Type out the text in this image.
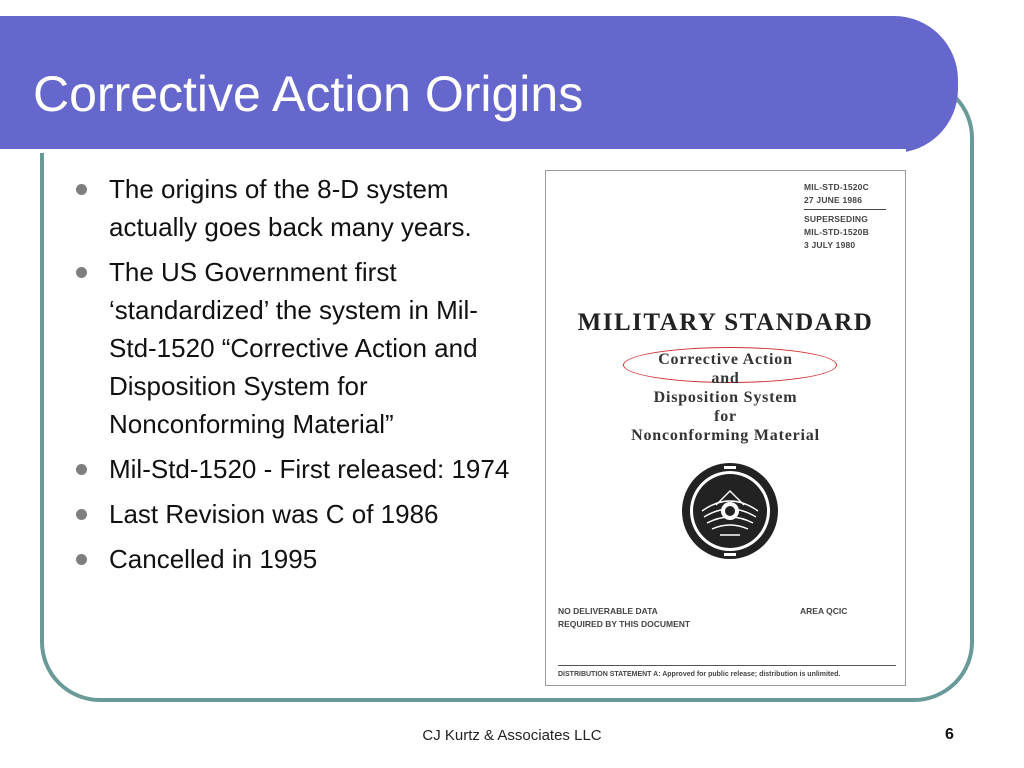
Corrective Action Origins
The origins of the 8-D system actually goes back many years.
The US Government first ‘standardized’ the system in Mil-Std-1520 “Corrective Action and Disposition System for Nonconforming Material”
Mil-Std-1520 - First released: 1974
Last Revision was C of 1986
Cancelled in 1995
MIL-STD-1520C
27 JUNE 1986
SUPERSEDING
MIL-STD-1520B
3 JULY 1980
MILITARY STANDARD
Corrective Action
and
Disposition System
for
Nonconforming Material
NO DELIVERABLE DATA
REQUIRED BY THIS DOCUMENT
AREA QCIC
DISTRIBUTION STATEMENT A: Approved for public release; distribution is unlimited.
CJ Kurtz & Associates LLC	6
